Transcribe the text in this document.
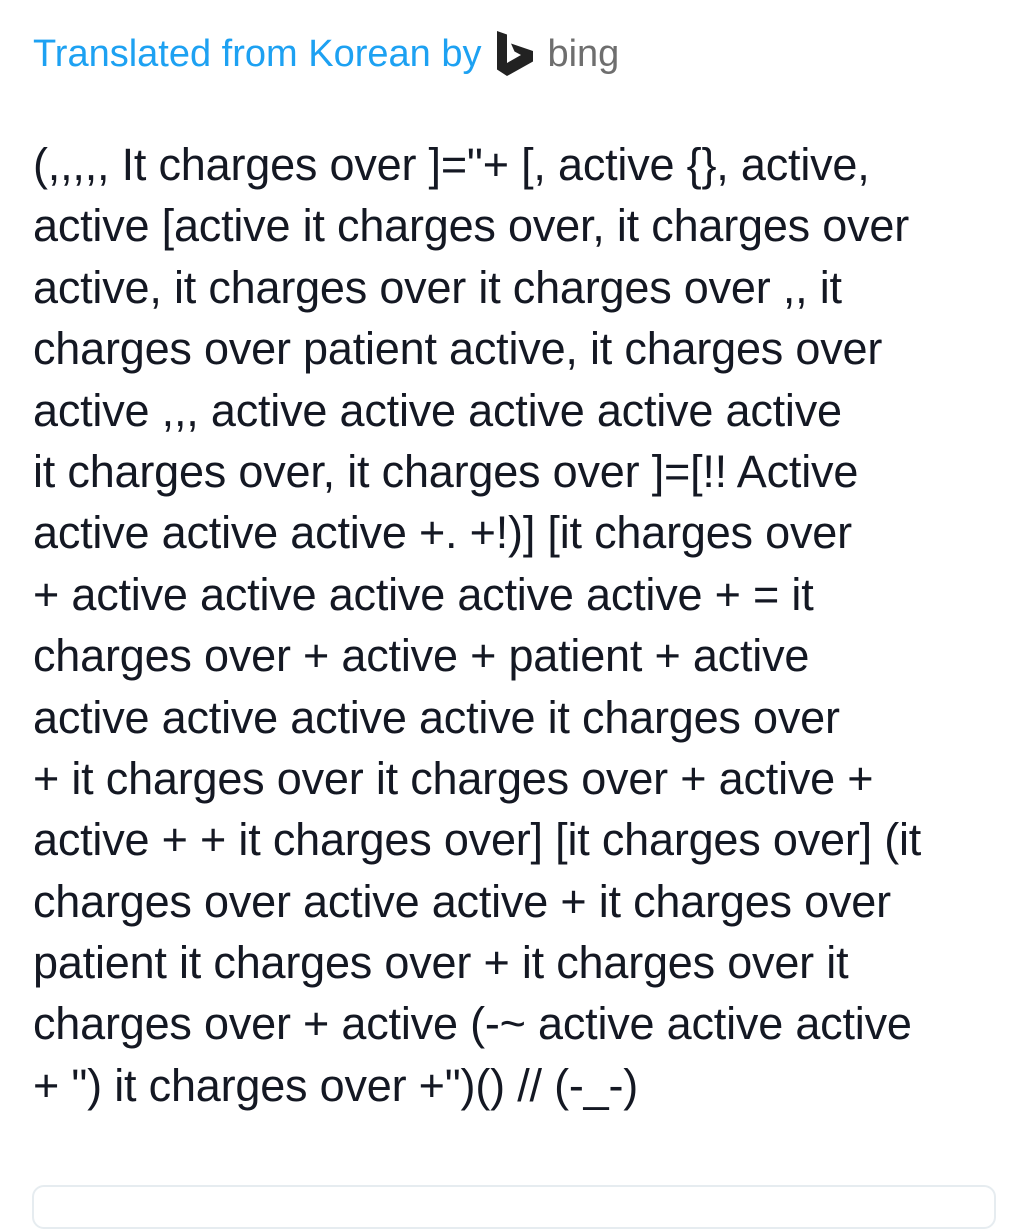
Translated from Korean by bing
(,,,,, It charges over ]="+ [, active {}, active,
active [active it charges over, it charges over
active, it charges over it charges over ,, it
charges over patient active, it charges over
active ,,, active active active active active
it charges over, it charges over ]=[!! Active
active active active +. +!)] [it charges over
+ active active active active active + = it
charges over + active + patient + active
active active active active it charges over
+ it charges over it charges over + active +
active + + it charges over] [it charges over] (it
charges over active active + it charges over
patient it charges over + it charges over it
charges over + active (-~ active active active
+ ") it charges over +")() // (-_-)
